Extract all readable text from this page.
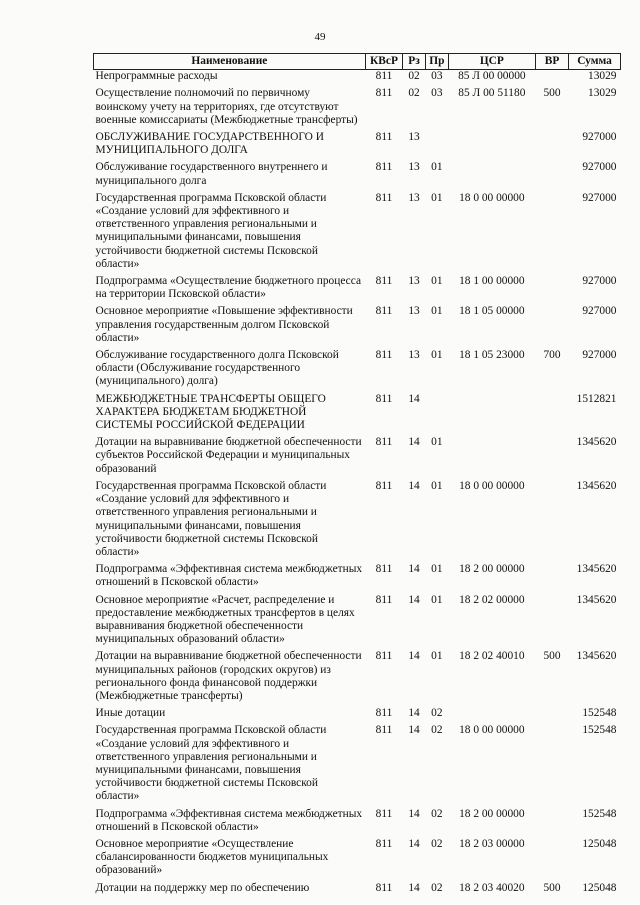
49
Наименование	КВсР	Рз	Пр	ЦСР	ВР	Сумма
Непрограммные расходы	811	02	03	85 Л 00 00000		13029
Осуществление полномочий по первичному воинскому учету на территориях, где отсутствуют военные комиссариаты (Межбюджетные трансферты)	811	02	03	85 Л 00 51180	500	13029
ОБСЛУЖИВАНИЕ ГОСУДАРСТВЕННОГО И МУНИЦИПАЛЬНОГО ДОЛГА	811	13				927000
Обслуживание государственного внутреннего и муниципального долга	811	13	01			927000
Государственная программа Псковской области «Создание условий для эффективного и ответственного управления региональными и муниципальными финансами, повышения устойчивости бюджетной системы Псковской области»	811	13	01	18 0 00 00000		927000
Подпрограмма «Осуществление бюджетного процесса на территории Псковской области»	811	13	01	18 1 00 00000		927000
Основное мероприятие «Повышение эффективности управления государственным долгом Псковской области»	811	13	01	18 1 05 00000		927000
Обслуживание государственного долга Псковской области (Обслуживание государственного (муниципального) долга)	811	13	01	18 1 05 23000	700	927000
МЕЖБЮДЖЕТНЫЕ ТРАНСФЕРТЫ ОБЩЕГО ХАРАКТЕРА БЮДЖЕТАМ БЮДЖЕТНОЙ СИСТЕМЫ РОССИЙСКОЙ ФЕДЕРАЦИИ	811	14				1512821
Дотации на выравнивание бюджетной обеспеченности субъектов Российской Федерации и муниципальных образований	811	14	01			1345620
Государственная программа Псковской области «Создание условий для эффективного и ответственного управления региональными и муниципальными финансами, повышения устойчивости бюджетной системы Псковской области»	811	14	01	18 0 00 00000		1345620
Подпрограмма «Эффективная система межбюджетных отношений в Псковской области»	811	14	01	18 2 00 00000		1345620
Основное мероприятие «Расчет, распределение и предоставление межбюджетных трансфертов в целях выравнивания бюджетной обеспеченности муниципальных образований области»	811	14	01	18 2 02 00000		1345620
Дотации на выравнивание бюджетной обеспеченности муниципальных районов (городских округов) из регионального фонда финансовой поддержки (Межбюджетные трансферты)	811	14	01	18 2 02 40010	500	1345620
Иные дотации	811	14	02			152548
Государственная программа Псковской области «Создание условий для эффективного и ответственного управления региональными и муниципальными финансами, повышения устойчивости бюджетной системы Псковской области»	811	14	02	18 0 00 00000		152548
Подпрограмма «Эффективная система межбюджетных отношений в Псковской области»	811	14	02	18 2 00 00000		152548
Основное мероприятие «Осуществление сбалансированности бюджетов муниципальных образований»	811	14	02	18 2 03 00000		125048
Дотации на поддержку мер по обеспечению	811	14	02	18 2 03 40020	500	125048
